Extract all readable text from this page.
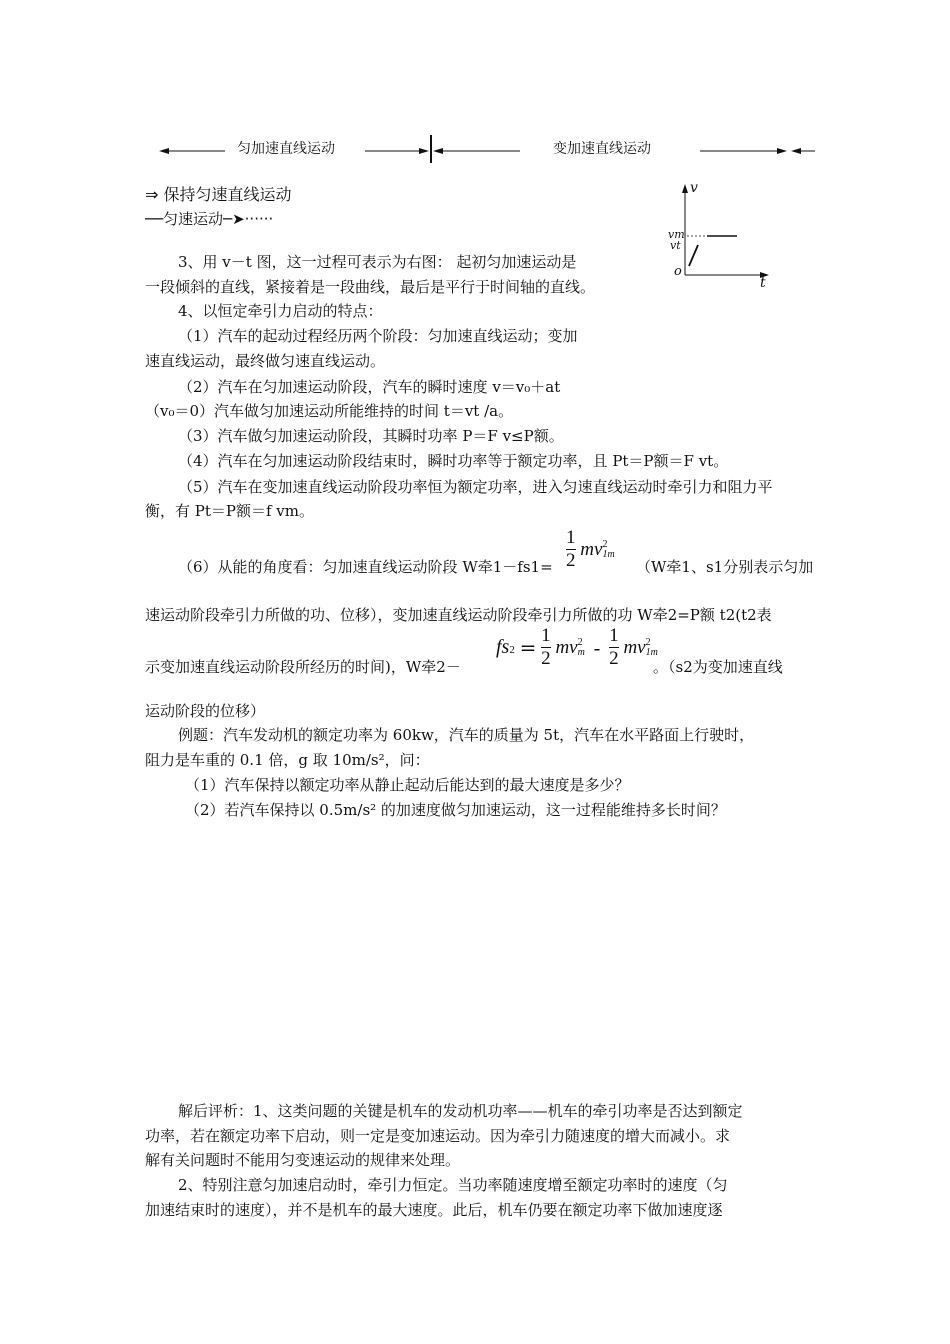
匀加速直线运动	变加速直线运动
⇒ 保持匀速直线运动
──匀速运动─➤······
v
vm
vt
o
t
3、用 v－t 图，这一过程可表示为右图： 起初匀加速运动是
一段倾斜的直线，紧接着是一段曲线，最后是平行于时间轴的直线。
4、以恒定牵引力启动的特点：
（1）汽车的起动过程经历两个阶段：匀加速直线运动；变加
速直线运动，最终做匀速直线运动。
（2）汽车在匀加速运动阶段，汽车的瞬时速度 v＝v₀＋at
（v₀＝0）汽车做匀加速运动所能维持的时间 t＝vt /a。
（3）汽车做匀加速运动阶段，其瞬时功率 P＝F v≤P额。
（4）汽车在匀加速运动阶段结束时，瞬时功率等于额定功率，且 Pt＝P额＝F vt。
（5）汽车在变加速直线运动阶段功率恒为额定功率，进入匀速直线运动时牵引力和阻力平
衡，有 Pt＝P额＝f vm。
（6）从能的角度看：匀加速直线运动阶段 W牵$1-fs1= \frac{1}{2}$ mv 2
1m
（W牵1、s1分别表示匀加
速运动阶段牵引力所做的功、位移），变加速直线运动阶段牵引力所做的功 W牵2=P额 t2(t2表
示变加速直线运动阶段所经历的时间)，W牵2－
$fs2 = \frac{1}{2}$ mv 2
m - $\frac{1}{2}$ mv 2
1m
。（s2为变加速直线
运动阶段的位移）
例题：汽车发动机的额定功率为 60kw，汽车的质量为 5t，汽车在水平路面上行驶时，
阻力是车重的 0.1 倍，g 取 10m/s²，问：
（1）汽车保持以额定功率从静止起动后能达到的最大速度是多少？
（2）若汽车保持以 0.5m/s² 的加速度做匀加速运动，这一过程能维持多长时间？
解后评析：1、这类问题的关键是机车的发动机功率——机车的牵引功率是否达到额定
功率，若在额定功率下启动，则一定是变加速运动。因为牵引力随速度的增大而减小。求
解有关问题时不能用匀变速运动的规律来处理。
2、特别注意匀加速启动时，牵引力恒定。当功率随速度增至额定功率时的速度（匀
加速结束时的速度），并不是机车的最大速度。此后，机车仍要在额定功率下做加速度逐
